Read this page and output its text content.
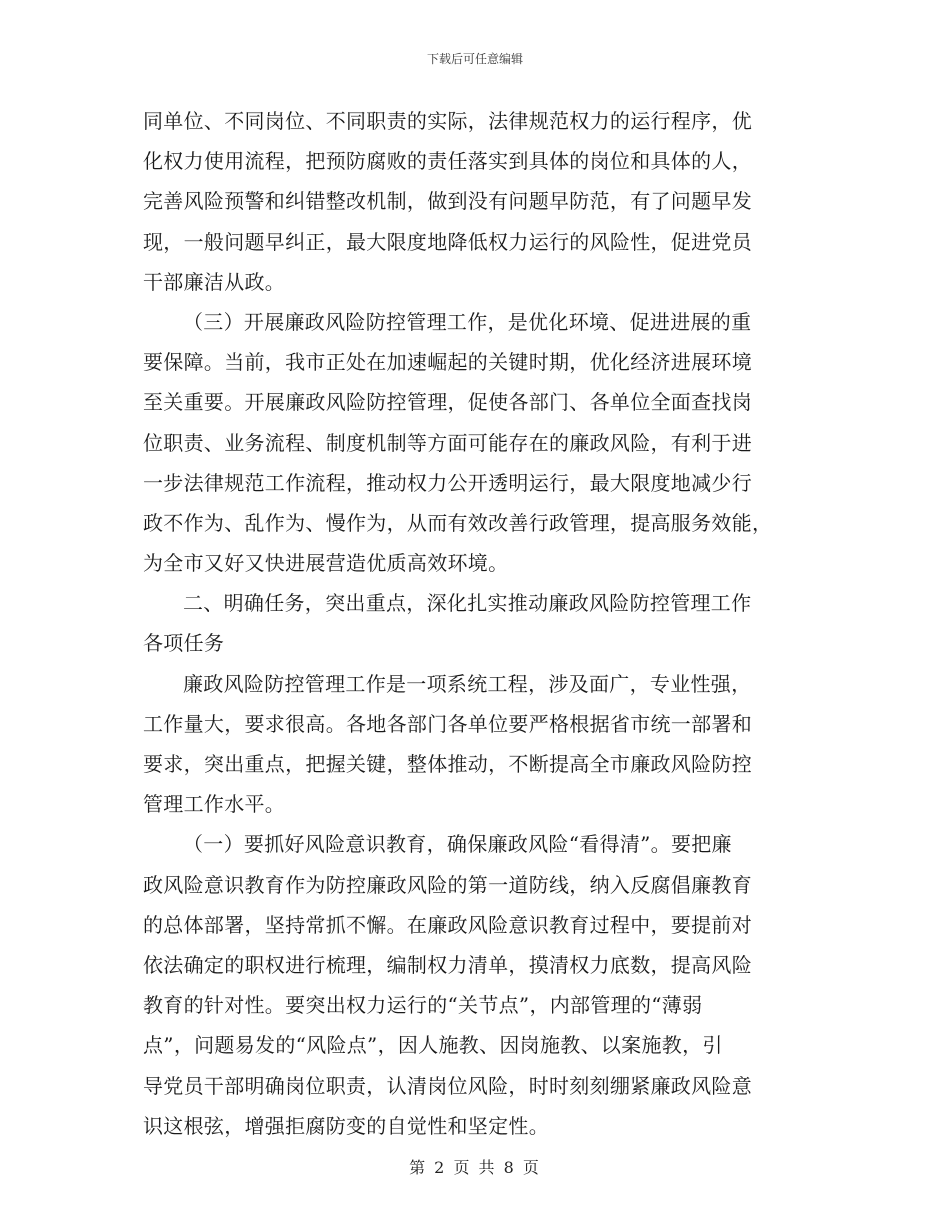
下载后可任意编辑
同单位、不同岗位、不同职责的实际，法律规范权力的运行程序，优
化权力使用流程，把预防腐败的责任落实到具体的岗位和具体的人，
完善风险预警和纠错整改机制，做到没有问题早防范，有了问题早发
现，一般问题早纠正，最大限度地降低权力运行的风险性，促进党员
干部廉洁从政。
（三）开展廉政风险防控管理工作，是优化环境、促进进展的重
要保障。当前，我市正处在加速崛起的关键时期，优化经济进展环境
至关重要。开展廉政风险防控管理，促使各部门、各单位全面查找岗
位职责、业务流程、制度机制等方面可能存在的廉政风险，有利于进
一步法律规范工作流程，推动权力公开透明运行，最大限度地减少行
政不作为、乱作为、慢作为，从而有效改善行政管理，提高服务效能，
为全市又好又快进展营造优质高效环境。
二、明确任务，突出重点，深化扎实推动廉政风险防控管理工作
各项任务
廉政风险防控管理工作是一项系统工程，涉及面广，专业性强，
工作量大，要求很高。各地各部门各单位要严格根据省市统一部署和
要求，突出重点，把握关键，整体推动，不断提高全市廉政风险防控
管理工作水平。
（一）要抓好风险意识教育，确保廉政风险“看得清”。要把廉
政风险意识教育作为防控廉政风险的第一道防线，纳入反腐倡廉教育
的总体部署，坚持常抓不懈。在廉政风险意识教育过程中，要提前对
依法确定的职权进行梳理，编制权力清单，摸清权力底数，提高风险
教育的针对性。要突出权力运行的“关节点”，内部管理的“薄弱
点”，问题易发的“风险点”，因人施教、因岗施教、以案施教，引
导党员干部明确岗位职责，认清岗位风险，时时刻刻绷紧廉政风险意
识这根弦，增强拒腐防变的自觉性和坚定性。
第 2 页 共 8 页
